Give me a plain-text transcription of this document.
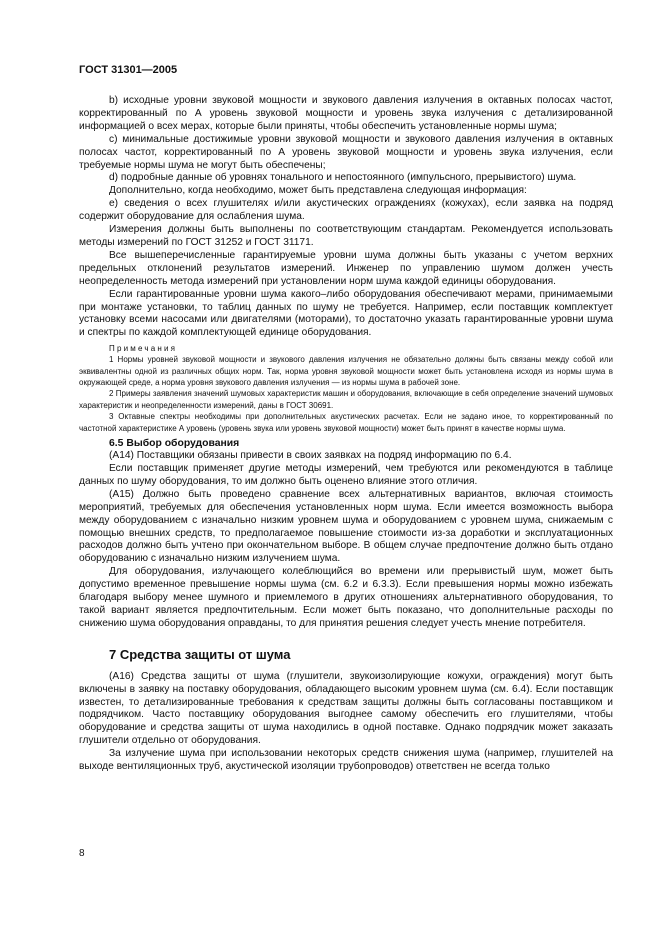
ГОСТ 31301—2005

b) исходные уровни звуковой мощности и звукового давления излучения в октавных полосах частот, корректированный по А уровень звуковой мощности и уровень звука излучения с детализированной информацией о всех мерах, которые были приняты, чтобы обеспечить установленные нормы шума;

с) минимальные достижимые уровни звуковой мощности и звукового давления излучения в октавных полосах частот, корректированный по А уровень звуковой мощности и уровень звука излучения, если требуемые нормы шума не могут быть обеспечены;

d) подробные данные об уровнях тонального и непостоянного (импульсного, прерывистого) шума.

Дополнительно, когда необходимо, может быть представлена следующая информация:

е) сведения о всех глушителях и/или акустических ограждениях (кожухах), если заявка на подряд содержит оборудование для ослабления шума.

Измерения должны быть выполнены по соответствующим стандартам. Рекомендуется использовать методы измерений по ГОСТ 31252 и ГОСТ 31171.

Все вышеперечисленные гарантируемые уровни шума должны быть указаны с учетом верхних предельных отклонений результатов измерений. Инженер по управлению шумом должен учесть неопределенность метода измерений при установлении норм шума каждой единицы оборудования.

Если гарантированные уровни шума какого–либо оборудования обеспечивают мерами, принимаемыми при монтаже установки, то таблиц данных по шуму не требуется. Например, если поставщик комплектует установку всеми насосами или двигателями (моторами), то достаточно указать гарантированные уровни шума и спектры по каждой комплектующей единице оборудования.

Примечания

1 Нормы уровней звуковой мощности и звукового давления излучения не обязательно должны быть связаны между собой или эквивалентны одной из различных общих норм. Так, норма уровня звуковой мощности может быть установлена исходя из нормы шума в окружающей среде, а норма уровня звукового давления излучения — из нормы шума в рабочей зоне.

2 Примеры заявления значений шумовых характеристик машин и оборудования, включающие в себя определение значений шумовых характеристик и неопределенности измерений, даны в ГОСТ 30691.

3 Октавные спектры необходимы при дополнительных акустических расчетах. Если не задано иное, то корректированный по частотной характеристике А уровень (уровень звука или уровень звуковой мощности) может быть принят в качестве нормы шума.

6.5 Выбор оборудования

(А14) Поставщики обязаны привести в своих заявках на подряд информацию по 6.4.

Если поставщик применяет другие методы измерений, чем требуются или рекомендуются в таблице данных по шуму оборудования, то им должно быть оценено влияние этого отличия.

(А15) Должно быть проведено сравнение всех альтернативных вариантов, включая стоимость мероприятий, требуемых для обеспечения установленных норм шума. Если имеется возможность выбора между оборудованием с изначально низким уровнем шума и оборудованием с уровнем шума, снижаемым с помощью внешних средств, то предполагаемое повышение стоимости из-за доработки и эксплуатационных расходов должно быть учтено при окончательном выборе. В общем случае предпочтение должно быть отдано оборудованию с изначально низким излучением шума.

Для оборудования, излучающего колеблющийся во времени или прерывистый шум, может быть допустимо временное превышение нормы шума (см. 6.2 и 6.3.3). Если превышения нормы можно избежать благодаря выбору менее шумного и приемлемого в других отношениях альтернативного оборудования, то такой вариант является предпочтительным. Если может быть показано, что дополнительные расходы по снижению шума оборудования оправданы, то для принятия решения следует учесть мнение потребителя.

7 Средства защиты от шума

(А16) Средства защиты от шума (глушители, звукоизолирующие кожухи, ограждения) могут быть включены в заявку на поставку оборудования, обладающего высоким уровнем шума (см. 6.4). Если поставщик известен, то детализированные требования к средствам защиты должны быть согласованы поставщиком и подрядчиком. Часто поставщику оборудования выгоднее самому обеспечить его глушителями, чтобы оборудование и средства защиты от шума находились в одной поставке. Однако подрядчик может заказать глушители отдельно от оборудования.

За излучение шума при использовании некоторых средств снижения шума (например, глушителей на выходе вентиляционных труб, акустической изоляции трубопроводов) ответствен не всегда только

8
